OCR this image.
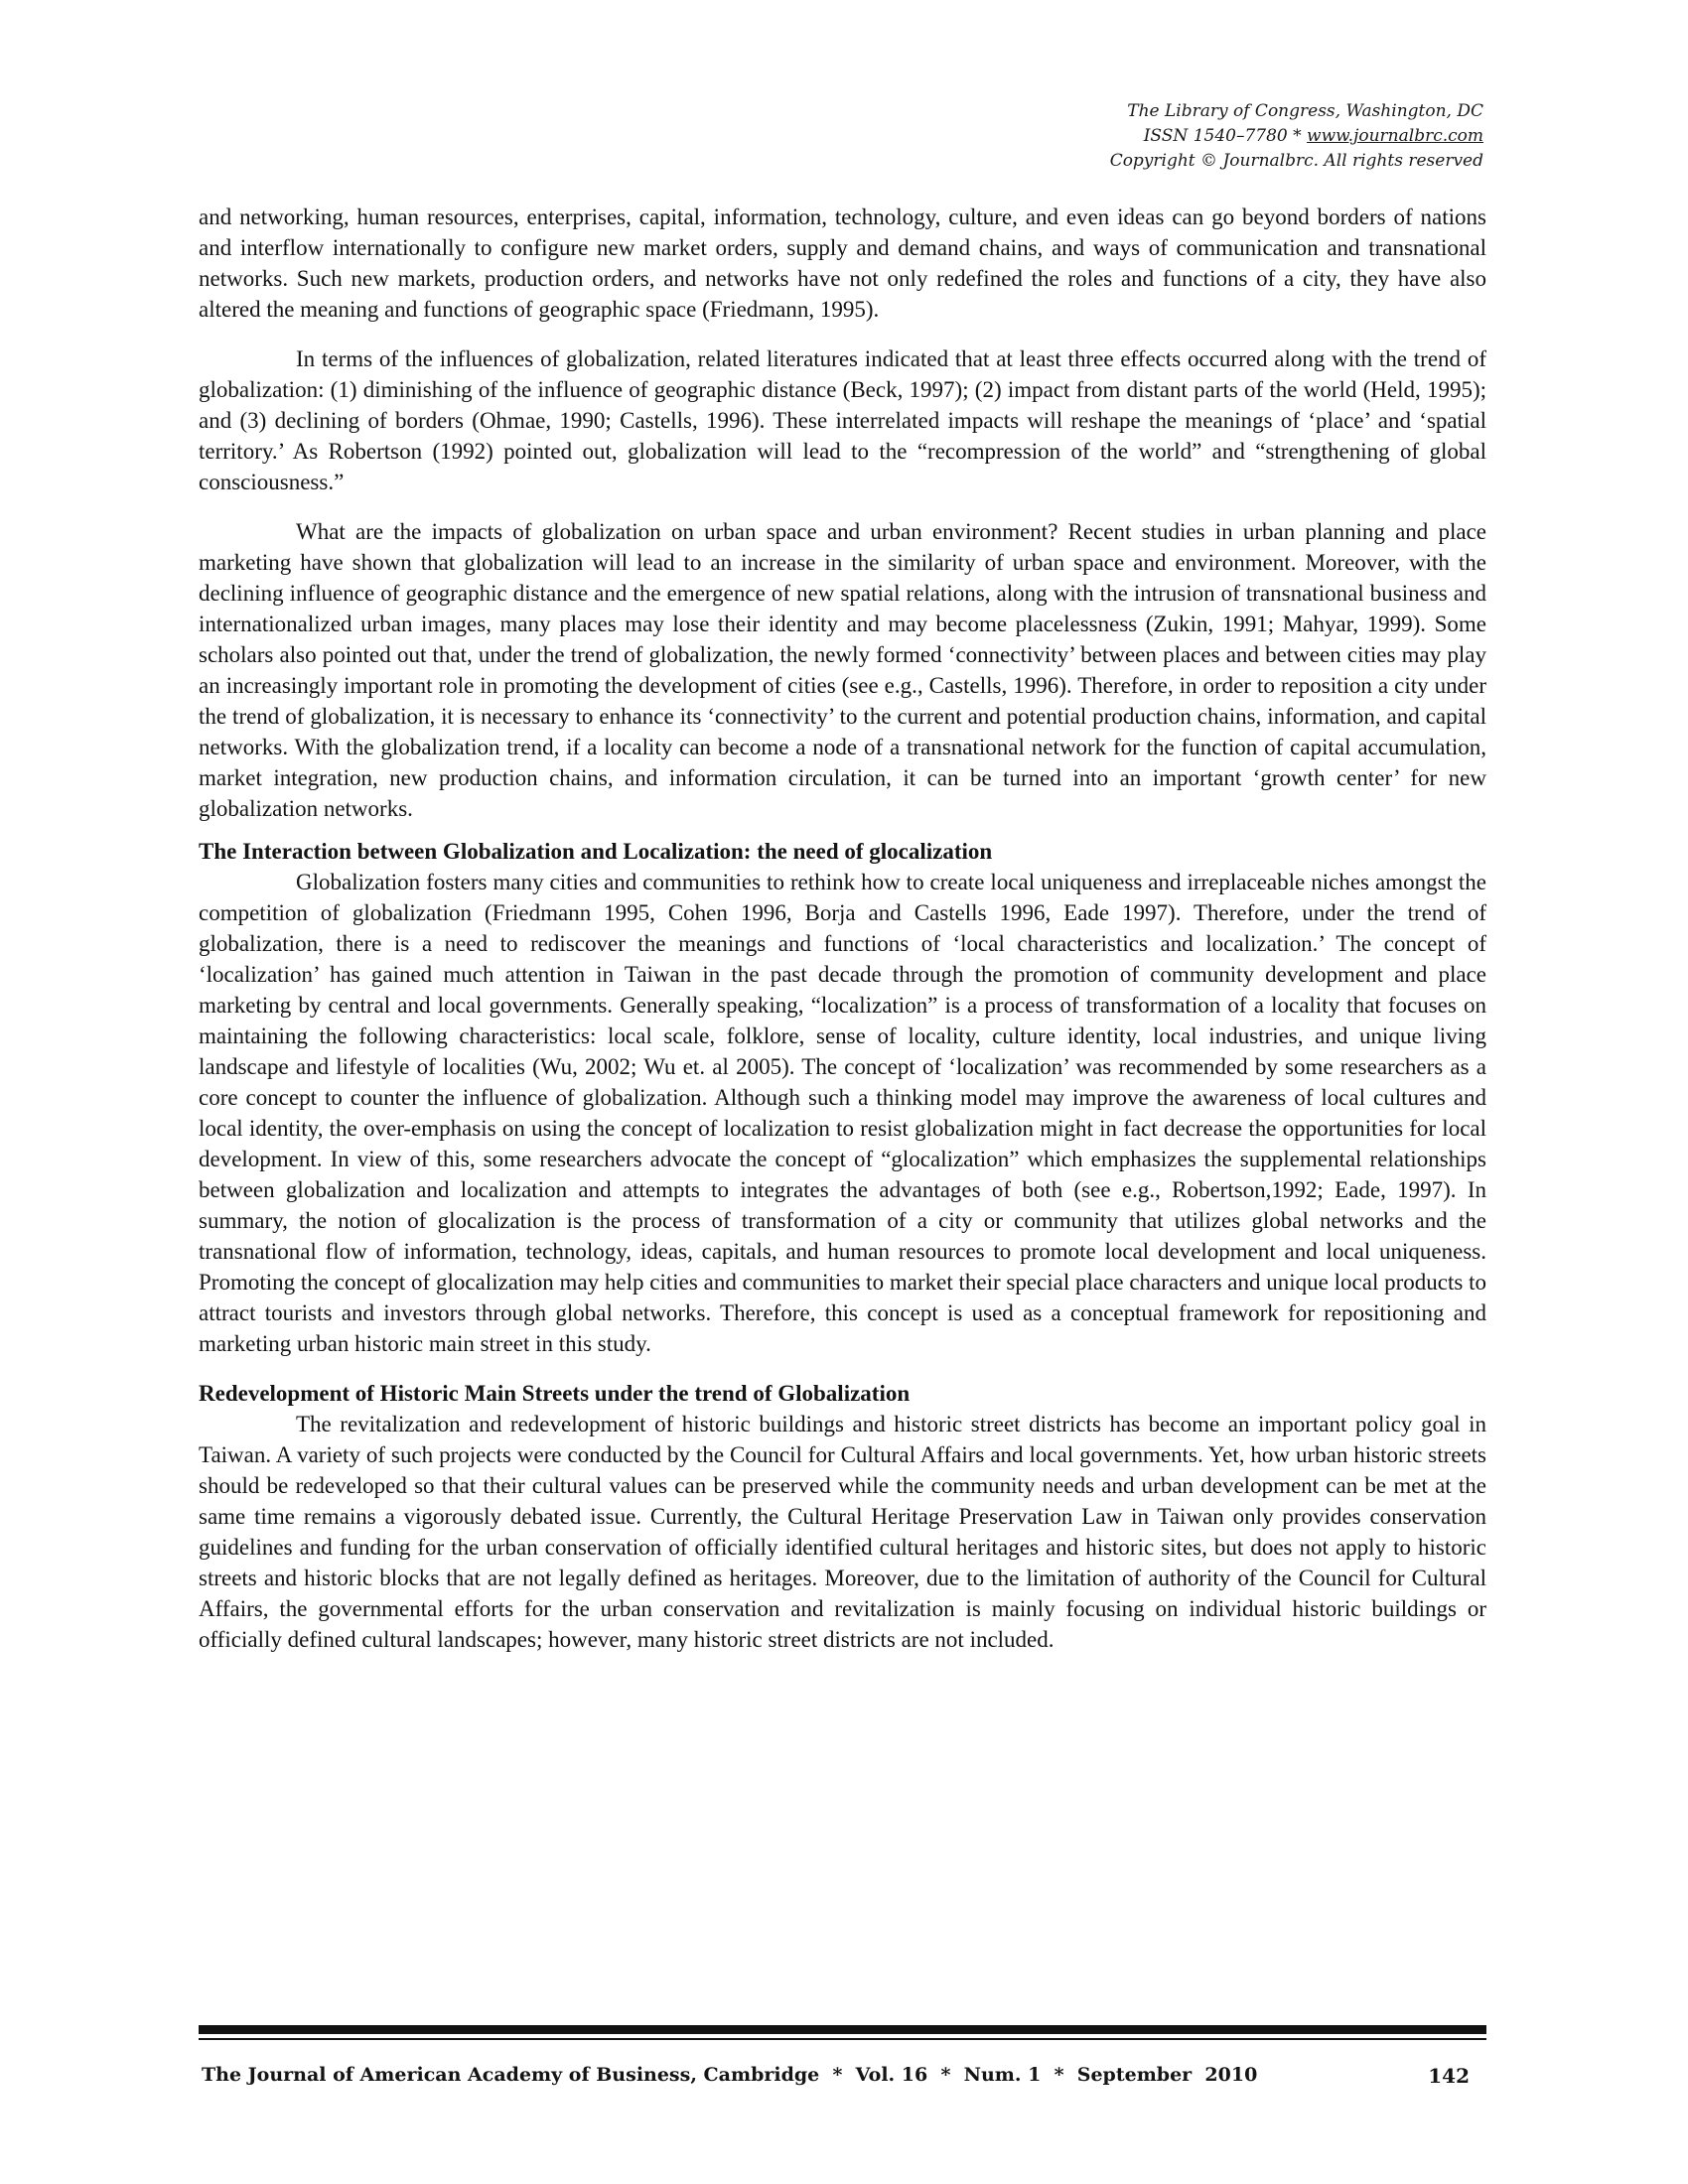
The Library of Congress, Washington, DC
ISSN 1540–7780 * www.journalbrc.com
Copyright © Journalbrc. All rights reserved

and networking, human resources, enterprises, capital, information, technology, culture, and even ideas can go beyond borders of nations and interflow internationally to configure new market orders, supply and demand chains, and ways of communication and transnational networks. Such new markets, production orders, and networks have not only redefined the roles and functions of a city, they have also altered the meaning and functions of geographic space (Friedmann, 1995).

In terms of the influences of globalization, related literatures indicated that at least three effects occurred along with the trend of globalization: (1) diminishing of the influence of geographic distance (Beck, 1997); (2) impact from distant parts of the world (Held, 1995); and (3) declining of borders (Ohmae, 1990; Castells, 1996). These interrelated impacts will reshape the meanings of ‘place’ and ‘spatial territory.’ As Robertson (1992) pointed out, globalization will lead to the “recompression of the world” and “strengthening of global consciousness.”

What are the impacts of globalization on urban space and urban environment? Recent studies in urban planning and place marketing have shown that globalization will lead to an increase in the similarity of urban space and environment. Moreover, with the declining influence of geographic distance and the emergence of new spatial relations, along with the intrusion of transnational business and internationalized urban images, many places may lose their identity and may become placelessness (Zukin, 1991; Mahyar, 1999). Some scholars also pointed out that, under the trend of globalization, the newly formed ‘connectivity’ between places and between cities may play an increasingly important role in promoting the development of cities (see e.g., Castells, 1996). Therefore, in order to reposition a city under the trend of globalization, it is necessary to enhance its ‘connectivity’ to the current and potential production chains, information, and capital networks. With the globalization trend, if a locality can become a node of a transnational network for the function of capital accumulation, market integration, new production chains, and information circulation, it can be turned into an important ‘growth center’ for new globalization networks.

The Interaction between Globalization and Localization: the need of glocalization

Globalization fosters many cities and communities to rethink how to create local uniqueness and irreplaceable niches amongst the competition of globalization (Friedmann 1995, Cohen 1996, Borja and Castells 1996, Eade 1997). Therefore, under the trend of globalization, there is a need to rediscover the meanings and functions of ‘local characteristics and localization.’ The concept of ‘localization’ has gained much attention in Taiwan in the past decade through the promotion of community development and place marketing by central and local governments. Generally speaking, “localization” is a process of transformation of a locality that focuses on maintaining the following characteristics: local scale, folklore, sense of locality, culture identity, local industries, and unique living landscape and lifestyle of localities (Wu, 2002; Wu et. al 2005). The concept of ‘localization’ was recommended by some researchers as a core concept to counter the influence of globalization. Although such a thinking model may improve the awareness of local cultures and local identity, the over-emphasis on using the concept of localization to resist globalization might in fact decrease the opportunities for local development. In view of this, some researchers advocate the concept of “glocalization” which emphasizes the supplemental relationships between globalization and localization and attempts to integrates the advantages of both (see e.g., Robertson,1992; Eade, 1997). In summary, the notion of glocalization is the process of transformation of a city or community that utilizes global networks and the transnational flow of information, technology, ideas, capitals, and human resources to promote local development and local uniqueness. Promoting the concept of glocalization may help cities and communities to market their special place characters and unique local products to attract tourists and investors through global networks. Therefore, this concept is used as a conceptual framework for repositioning and marketing urban historic main street in this study.

Redevelopment of Historic Main Streets under the trend of Globalization

The revitalization and redevelopment of historic buildings and historic street districts has become an important policy goal in Taiwan. A variety of such projects were conducted by the Council for Cultural Affairs and local governments. Yet, how urban historic streets should be redeveloped so that their cultural values can be preserved while the community needs and urban development can be met at the same time remains a vigorously debated issue. Currently, the Cultural Heritage Preservation Law in Taiwan only provides conservation guidelines and funding for the urban conservation of officially identified cultural heritages and historic sites, but does not apply to historic streets and historic blocks that are not legally defined as heritages. Moreover, due to the limitation of authority of the Council for Cultural Affairs, the governmental efforts for the urban conservation and revitalization is mainly focusing on individual historic buildings or officially defined cultural landscapes; however, many historic street districts are not included.

The Journal of American Academy of Business, Cambridge  *  Vol. 16  *  Num. 1  *  September  2010	142
